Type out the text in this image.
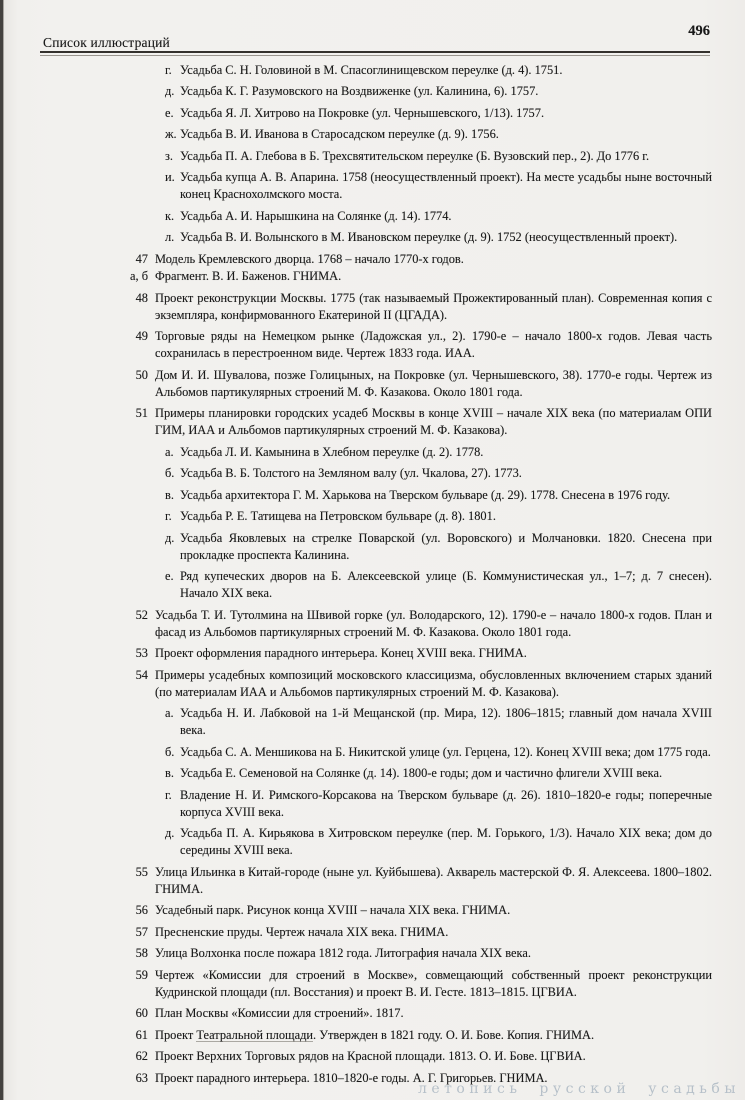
Список иллюстраций
496
г. Усадьба С. Н. Головиной в М. Спасоглинищевском переулке (д. 4). 1751.
д. Усадьба К. Г. Разумовского на Воздвиженке (ул. Калинина, 6). 1757.
е. Усадьба Я. Л. Хитрово на Покровке (ул. Чернышевского, 1/13). 1757.
ж. Усадьба В. И. Иванова в Старосадском переулке (д. 9). 1756.
з. Усадьба П. А. Глебова в Б. Трехсвятительском переулке (Б. Вузовский пер., 2). До 1776 г.
и. Усадьба купца А. В. Апарина. 1758 (неосуществленный проект). На месте усадьбы ныне восточный конец Краснохолмского моста.
к. Усадьба А. И. Нарышкина на Солянке (д. 14). 1774.
л. Усадьба В. И. Волынского в М. Ивановском переулке (д. 9). 1752 (неосуществленный проект).
47 Модель Кремлевского дворца. 1768 – начало 1770-х годов.
а, б Фрагмент. В. И. Баженов. ГНИМА.
48 Проект реконструкции Москвы. 1775 (так называемый Прожектированный план). Современная копия с экземпляра, конфирмованного Екатериной II (ЦГАДА).
49 Торговые ряды на Немецком рынке (Ладожская ул., 2). 1790-е – начало 1800-х годов. Левая часть сохранилась в перестроенном виде. Чертеж 1833 года. ИАА.
50 Дом И. И. Шувалова, позже Голицыных, на Покровке (ул. Чернышевского, 38). 1770-е годы. Чертеж из Альбомов партикулярных строений М. Ф. Казакова. Около 1801 года.
51 Примеры планировки городских усадеб Москвы в конце XVIII – начале XIX века (по материалам ОПИ ГИМ, ИАА и Альбомов партикулярных строений М. Ф. Казакова).
а. Усадьба Л. И. Камынина в Хлебном переулке (д. 2). 1778.
б. Усадьба В. Б. Толстого на Земляном валу (ул. Чкалова, 27). 1773.
в. Усадьба архитектора Г. М. Харькова на Тверском бульваре (д. 29). 1778. Снесена в 1976 году.
г. Усадьба Р. Е. Татищева на Петровском бульваре (д. 8). 1801.
д. Усадьба Яковлевых на стрелке Поварской (ул. Воровского) и Молчановки. 1820. Снесена при прокладке проспекта Калинина.
е. Ряд купеческих дворов на Б. Алексеевской улице (Б. Коммунистическая ул., 1–7; д. 7 снесен). Начало XIX века.
52 Усадьба Т. И. Тутолмина на Швивой горке (ул. Володарского, 12). 1790-е – начало 1800-х годов. План и фасад из Альбомов партикулярных строений М. Ф. Казакова. Около 1801 года.
53 Проект оформления парадного интерьера. Конец XVIII века. ГНИМА.
54 Примеры усадебных композиций московского классицизма, обусловленных включением старых зданий (по материалам ИАА и Альбомов партикулярных строений М. Ф. Казакова).
а. Усадьба Н. И. Лабковой на 1-й Мещанской (пр. Мира, 12). 1806–1815; главный дом начала XVIII века.
б. Усадьба С. А. Меншикова на Б. Никитской улице (ул. Герцена, 12). Конец XVIII века; дом 1775 года.
в. Усадьба Е. Семеновой на Солянке (д. 14). 1800-е годы; дом и частично флигели XVIII века.
г. Владение Н. И. Римского-Корсакова на Тверском бульваре (д. 26). 1810–1820-е годы; поперечные корпуса XVIII века.
д. Усадьба П. А. Кирьякова в Хитровском переулке (пер. М. Горького, 1/3). Начало XIX века; дом до середины XVIII века.
55 Улица Ильинка в Китай-городе (ныне ул. Куйбышева). Акварель мастерской Ф. Я. Алексеева. 1800–1802. ГНИМА.
56 Усадебный парк. Рисунок конца XVIII – начала XIX века. ГНИМА.
57 Пресненские пруды. Чертеж начала XIX века. ГНИМА.
58 Улица Волхонка после пожара 1812 года. Литография начала XIX века.
59 Чертеж «Комиссии для строений в Москве», совмещающий собственный проект реконструкции Кудринской площади (пл. Восстания) и проект В. И. Гесте. 1813–1815. ЦГВИА.
60 План Москвы «Комиссии для строений». 1817.
61 Проект Театральной площади. Утвержден в 1821 году. О. И. Бове. Копия. ГНИМА.
62 Проект Верхних Торговых рядов на Красной площади. 1813. О. И. Бове. ЦГВИА.
63 Проект парадного интерьера. 1810–1820-е годы. А. Г. Григорьев. ГНИМА.
летопись русской усадьбы
